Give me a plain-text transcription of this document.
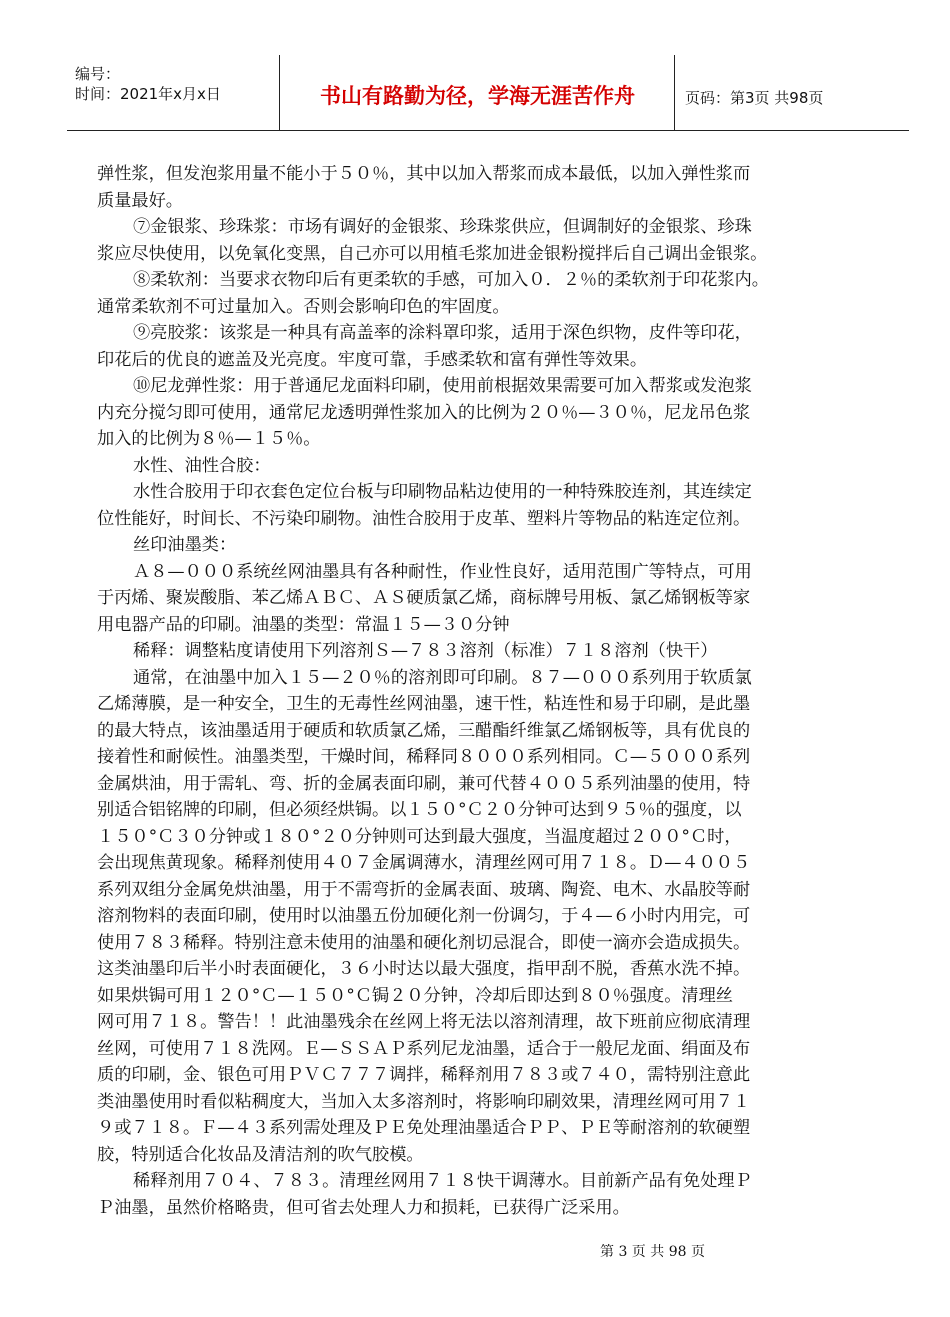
编号：
时间：2021年x月x日	书山有路勤为径，学海无涯苦作舟	页码：第3页 共98页
弹性浆，但发泡浆用量不能小于５０％，其中以加入帮浆而成本最低，以加入弹性浆而
质量最好。
⑦金银浆、珍珠浆：市场有调好的金银浆、珍珠浆供应，但调制好的金银浆、珍珠
浆应尽快使用，以免氧化变黑，自己亦可以用植毛浆加进金银粉搅拌后自己调出金银浆。
⑧柔软剂：当要求衣物印后有更柔软的手感，可加入０．２％的柔软剂于印花浆内。
通常柔软剂不可过量加入。否则会影响印色的牢固度。
⑨亮胶浆：该浆是一种具有高盖率的涂料罩印浆，适用于深色织物，皮件等印花，
印花后的优良的遮盖及光亮度。牢度可靠，手感柔软和富有弹性等效果。
⑩尼龙弹性浆：用于普通尼龙面料印刷，使用前根据效果需要可加入帮浆或发泡浆
内充分搅匀即可使用，通常尼龙透明弹性浆加入的比例为２０％—３０％，尼龙吊色浆
加入的比例为８％—１５％。
水性、油性合胶：
水性合胶用于印衣套色定位台板与印刷物品粘边使用的一种特殊胶连剂，其连续定
位性能好，时间长、不污染印刷物。油性合胶用于皮革、塑料片等物品的粘连定位剂。
丝印油墨类：
Ａ８—０００系统丝网油墨具有各种耐性，作业性良好，适用范围广等特点，可用
于丙烯、聚炭酸脂、苯乙烯ＡＢＣ、ＡＳ硬质氯乙烯，商标牌号用板、氯乙烯钢板等家
用电器产品的印刷。油墨的类型：常温１５—３０分钟
稀释：调整粘度请使用下列溶剂Ｓ—７８３溶剂（标准）７１８溶剂（快干）
通常，在油墨中加入１５—２０％的溶剂即可印刷。８７—０００系列用于软质氯
乙烯薄膜，是一种安全，卫生的无毒性丝网油墨，速干性，粘连性和易于印刷，是此墨
的最大特点，该油墨适用于硬质和软质氯乙烯，三醋酯纤维氯乙烯钢板等，具有优良的
接着性和耐候性。油墨类型，干燥时间，稀释同８０００系列相同。Ｃ—５０００系列
金属烘油，用于需轧、弯、折的金属表面印刷，兼可代替４００５系列油墨的使用，特
别适合铝铭牌的印刷，但必须经烘锔。以１５０°Ｃ２０分钟可达到９５％的强度，以
１５０°Ｃ３０分钟或１８０°２０分钟则可达到最大强度，当温度超过２００°Ｃ时，
会出现焦黄现象。稀释剂使用４０７金属调薄水，清理丝网可用７１８。Ｄ—４００５
系列双组分金属免烘油墨，用于不需弯折的金属表面、玻璃、陶瓷、电木、水晶胶等耐
溶剂物料的表面印刷，使用时以油墨五份加硬化剂一份调匀，于４—６小时内用完，可
使用７８３稀释。特别注意未使用的油墨和硬化剂切忌混合，即使一滴亦会造成损失。
这类油墨印后半小时表面硬化，３６小时达以最大强度，指甲刮不脱，香蕉水洗不掉。
如果烘锔可用１２０°Ｃ—１５０°Ｃ锔２０分钟，冷却后即达到８０％强度。清理丝
网可用７１８。警告！！此油墨残余在丝网上将无法以溶剂清理，故下班前应彻底清理
丝网，可使用７１８洗网。Ｅ—ＳＳＡＰ系列尼龙油墨，适合于一般尼龙面、绢面及布
质的印刷，金、银色可用ＰＶＣ７７７调拌，稀释剂用７８３或７４０，需特别注意此
类油墨使用时看似粘稠度大，当加入太多溶剂时，将影响印刷效果，清理丝网可用７１
９或７１８。Ｆ—４３系列需处理及ＰＥ免处理油墨适合ＰＰ、ＰＥ等耐溶剂的软硬塑
胶，特别适合化妆品及清洁剂的吹气胶模。
稀释剂用７０４、７８３。清理丝网用７１８快干调薄水。目前新产品有免处理Ｐ
Ｐ油墨，虽然价格略贵，但可省去处理人力和损耗，已获得广泛采用。
第 3 页 共 98 页
